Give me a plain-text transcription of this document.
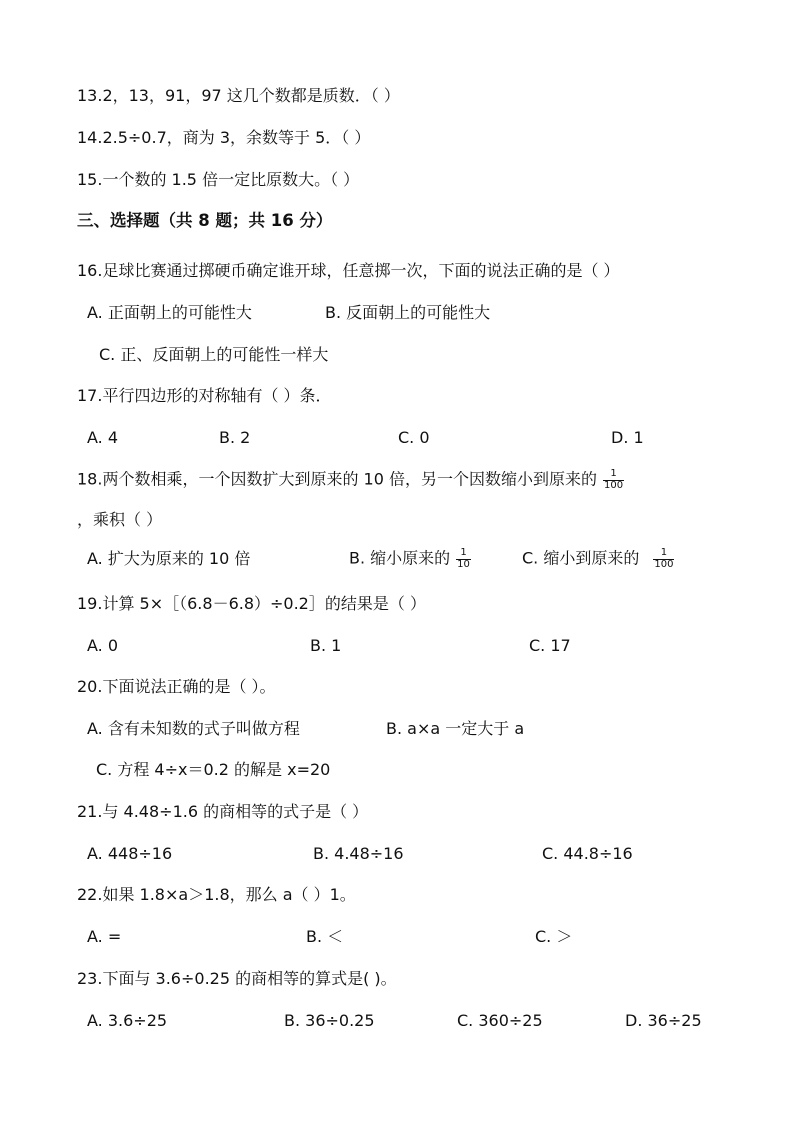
13.2，13，91，97 这几个数都是质数．（ ）
14.2.5÷0.7，商为 3，余数等于 5．（ ）
15.一个数的 1.5 倍一定比原数大。（ ）
三、选择题（共 8 题；共 16 分）
16.足球比赛通过掷硬币确定谁开球，任意掷一次，下面的说法正确的是（ ）
A. 正面朝上的可能性大	B. 反面朝上的可能性大
C. 正、反面朝上的可能性一样大
17.平行四边形的对称轴有（ ）条．
A. 4	B. 2	C. 0	D. 1
18.两个数相乘，一个因数扩大到原来的 10 倍，另一个因数缩小到原来的 $\frac{1}{100}$
，乘积（ ）
A. 扩大为原来的 10 倍	B. 缩小原来的 $\frac{1}{10}$	C. 缩小到原来的 $\frac{1}{100}$
19.计算 5×［（6.8－6.8）÷0.2］的结果是（ ）
A. 0	B. 1	C. 17
20.下面说法正确的是（ ）。
A. 含有未知数的式子叫做方程	B. a×a 一定大于 a
C. 方程 4÷x＝0.2 的解是 x=20
21.与 4.48÷1.6 的商相等的式子是（ ）
A. 448÷16	B. 4.48÷16	C. 44.8÷16
22.如果 1.8×a＞1.8，那么 a（ ）1。
A. =	B. ＜	C. ＞
23.下面与 3.6÷0.25 的商相等的算式是( )。
A. 3.6÷25	B. 36÷0.25	C. 360÷25	D. 36÷25
